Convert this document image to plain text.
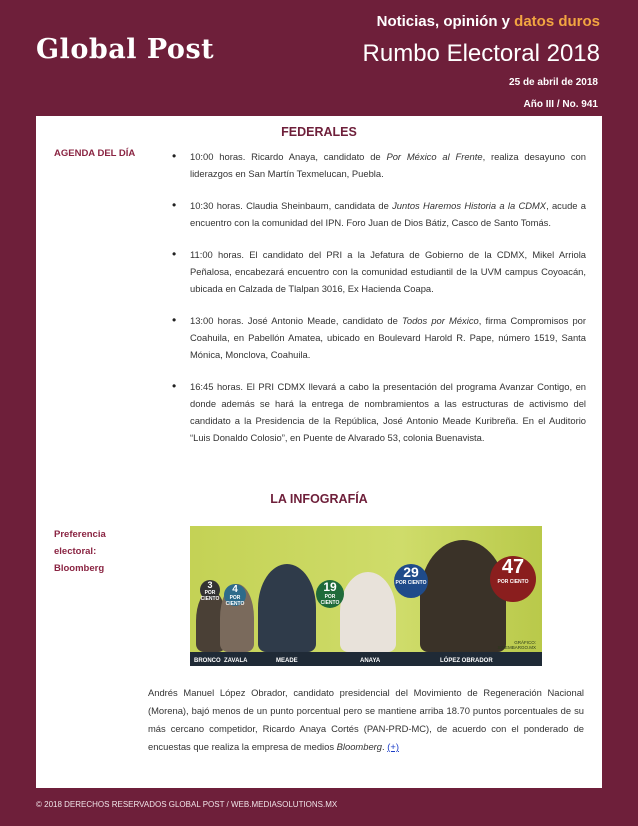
Noticias, opinión y datos duros
Global Post	Rumbo Electoral 2018
25 de abril de 2018
Año III / No. 941
FEDERALES
AGENDA DEL DÍA
•	10:00 horas. Ricardo Anaya, candidato de Por México al Frente, realiza desayuno con liderazgos en San Martín Texmelucan, Puebla.
• 10:30 horas. Claudia Sheinbaum, candidata de Juntos Haremos Historia a la CDMX, acude a encuentro con la comunidad del IPN. Foro Juan de Dios Bátiz, Casco de Santo Tomás.
• 11:00 horas. El candidato del PRI a la Jefatura de Gobierno de la CDMX, Mikel Arriola Peñalosa, encabezará encuentro con la comunidad estudiantil de la UVM campus Coyoacán, ubicada en Calzada de Tlalpan 3016, Ex Hacienda Coapa.
• 13:00 horas. José Antonio Meade, candidato de Todos por México, firma Compromisos por Coahuila, en Pabellón Amatea, ubicado en Boulevard Harold R. Pape, número 1519, Santa Mónica, Monclova, Coahuila.
• 16:45 horas. El PRI CDMX llevará a cabo la presentación del programa Avanzar Contigo, en donde además se hará la entrega de nombramientos a las estructuras de activismo del candidato a la Presidencia de la República, José Antonio Meade Kuribreña. En el Auditorio “Luis Donaldo Colosio”, en Puente de Alvarado 53, colonia Buenavista.
LA INFOGRAFÍA
Preferencia
electoral:
Bloomberg
3
POR CIENTO
4
POR CIENTO
19
POR CIENTO
29
POR CIENTO
47
POR CIENTO
GRÁFICO:
SINEMBARGO.MX
BRONCO ZAVALA	MEADE	ANAYA	LÓPEZ OBRADOR
Andrés Manuel López Obrador, candidato presidencial del Movimiento de Regeneración Nacional (Morena), bajó menos de un punto porcentual pero se mantiene arriba 18.70 puntos porcentuales de su más cercano competidor, Ricardo Anaya Cortés (PAN-PRD-MC), de acuerdo con el ponderado de encuestas que realiza la empresa de medios Bloomberg. (+)
© 2018 DERECHOS RESERVADOS GLOBAL POST / WEB.MEDIASOLUTIONS.MX
